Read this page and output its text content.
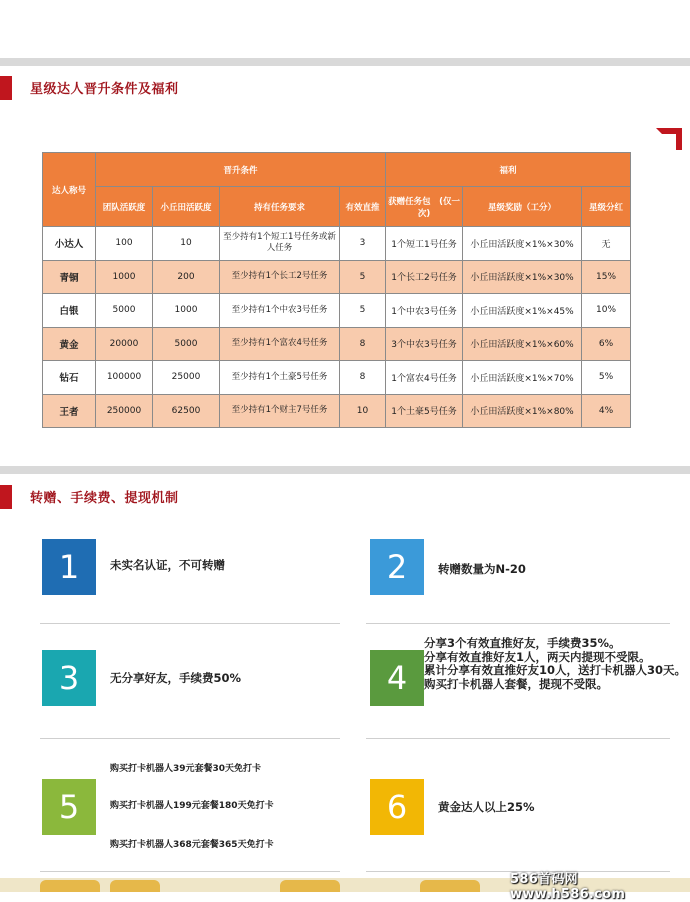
星级达人晋升条件及福利
达人称号	晋升条件				福利		
	团队活跃度	小丘田活跃度	持有任务要求	有效直推	获赠任务包　(仅一次)	星级奖励（工分）	星级分红
小达人	100	10	至少持有1个短工1号任务或新人任务	3	1个短工1号任务	小丘田活跃度×1%×30%	无
青铜	1000	200	至少持有1个长工2号任务	5	1个长工2号任务	小丘田活跃度×1%×30%	15%
白银	5000	1000	至少持有1个中农3号任务	5	1个中农3号任务	小丘田活跃度×1%×45%	10%
黄金	20000	5000	至少持有1个富农4号任务	8	3个中农3号任务	小丘田活跃度×1%×60%	6%
钻石	100000	25000	至少持有1个土豪5号任务	8	1个富农4号任务	小丘田活跃度×1%×70%	5%
王者	250000	62500	至少持有1个财主7号任务	10	1个土豪5号任务	小丘田活跃度×1%×80%	4%
转赠、手续费、提现机制
1	未实名认证，不可转赠	2	转赠数量为N-20
3	无分享好友，手续费50%	4
分享3个有效直推好友，手续费35%。
分享有效直推好友1人，两天内提现不受限。
累计分享有效直推好友10人，送打卡机器人30天。
购买打卡机器人套餐，提现不受限。
5
购买打卡机器人39元套餐30天免打卡
购买打卡机器人199元套餐180天免打卡
购买打卡机器人368元套餐365天免打卡
6	黄金达人以上25%
586首码网 www.h586.com
